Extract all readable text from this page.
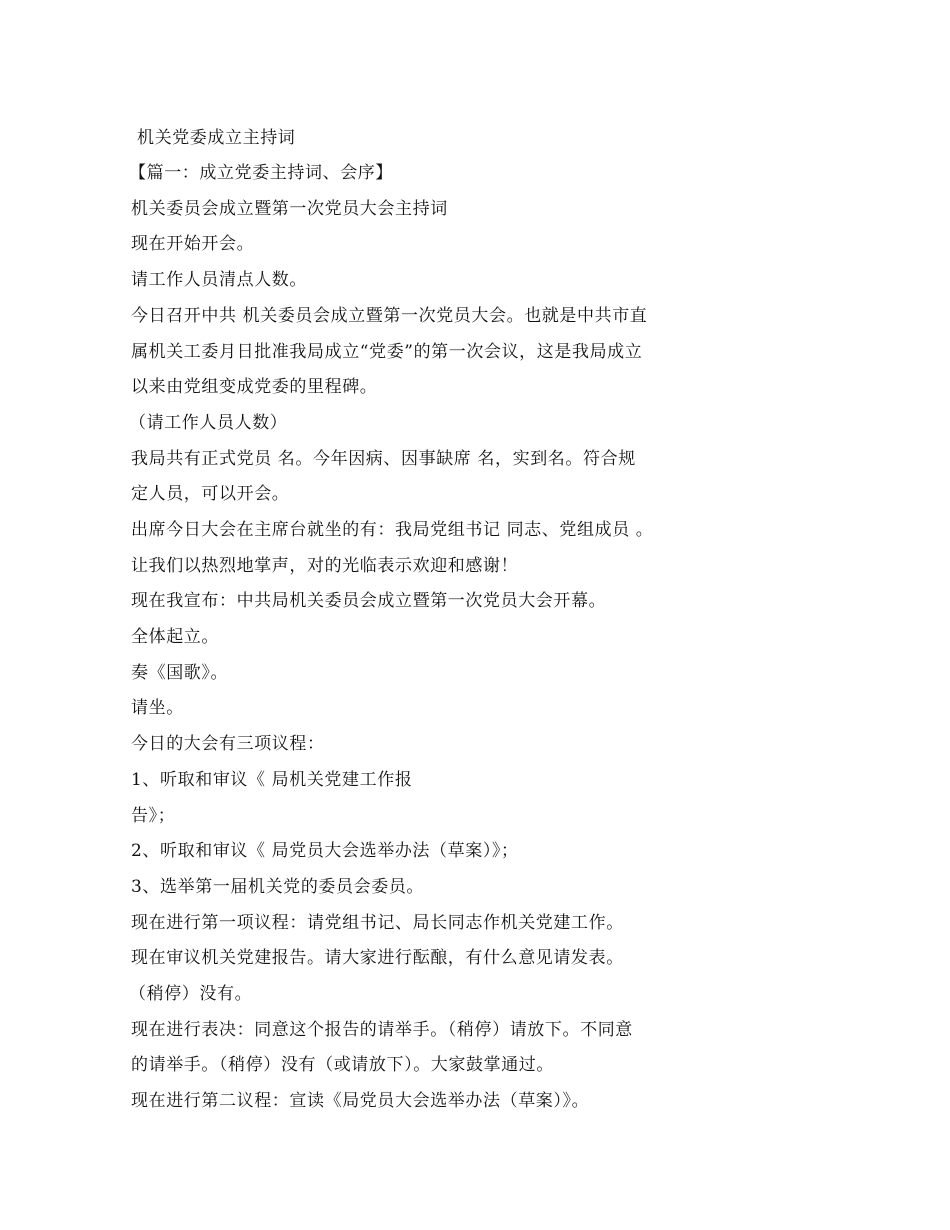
机关党委成立主持词
【篇一：成立党委主持词、会序】
机关委员会成立暨第一次党员大会主持词
现在开始开会。
请工作人员清点人数。
今日召开中共 机关委员会成立暨第一次党员大会。也就是中共市直
属机关工委月日批准我局成立“党委”的第一次会议，这是我局成立
以来由党组变成党委的里程碑。
（请工作人员人数）
我局共有正式党员 名。今年因病、因事缺席 名，实到名。符合规
定人员，可以开会。
出席今日大会在主席台就坐的有：我局党组书记 同志、党组成员 。
让我们以热烈地掌声，对的光临表示欢迎和感谢！
现在我宣布：中共局机关委员会成立暨第一次党员大会开幕。
全体起立。
奏《国歌》。
请坐。
今日的大会有三项议程：
1、听取和审议《 局机关党建工作报
告》；
2、听取和审议《 局党员大会选举办法（草案）》；
3、选举第一届机关党的委员会委员。
现在进行第一项议程：请党组书记、局长同志作机关党建工作。
现在审议机关党建报告。请大家进行酝酿，有什么意见请发表。
（稍停）没有。
现在进行表决：同意这个报告的请举手。（稍停）请放下。不同意
的请举手。（稍停）没有（或请放下）。大家鼓掌通过。
现在进行第二议程：宣读《局党员大会选举办法（草案）》。
